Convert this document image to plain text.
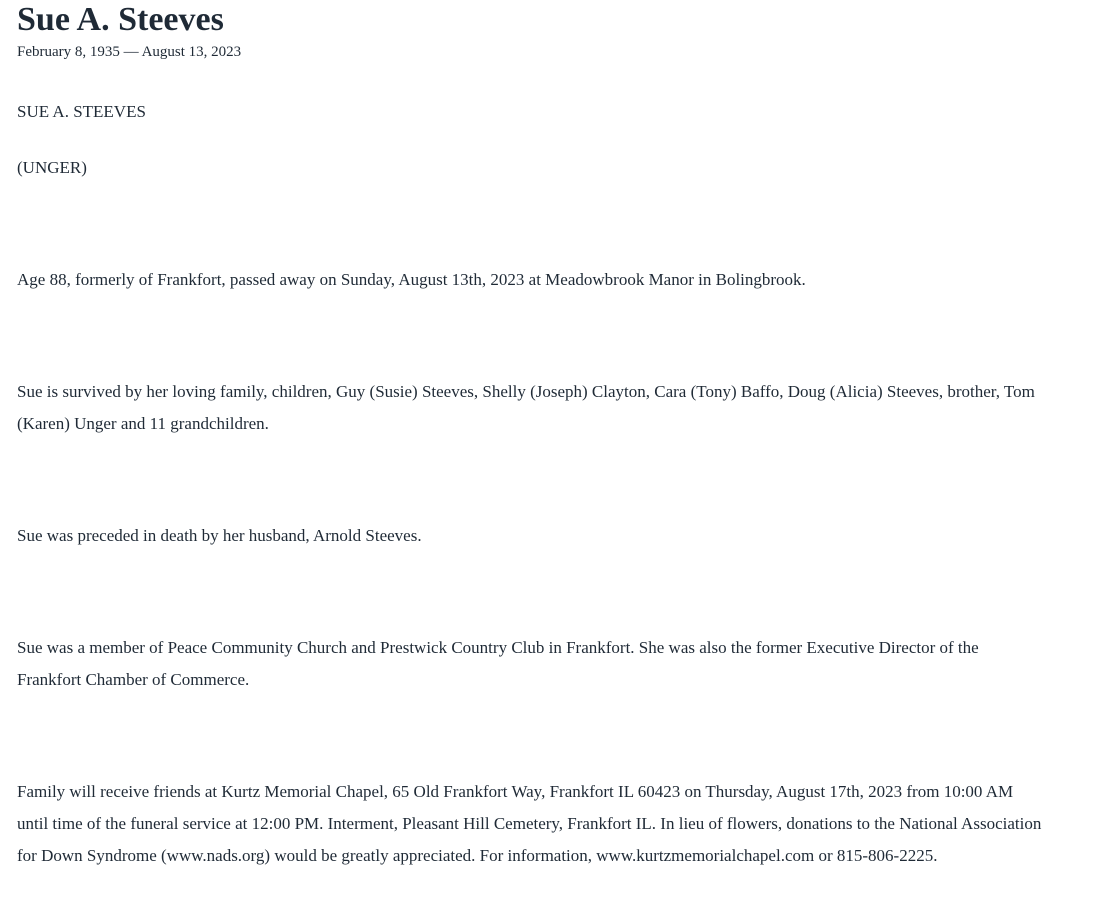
Sue A. Steeves
February 8, 1935 — August 13, 2023

SUE A. STEEVES

(UNGER)

Age 88, formerly of Frankfort, passed away on Sunday, August 13th, 2023 at Meadowbrook Manor in Bolingbrook.

Sue is survived by her loving family, children, Guy (Susie) Steeves, Shelly (Joseph) Clayton, Cara (Tony) Baffo, Doug (Alicia) Steeves, brother, Tom (Karen) Unger and 11 grandchildren.

Sue was preceded in death by her husband, Arnold Steeves.

Sue was a member of Peace Community Church and Prestwick Country Club in Frankfort. She was also the former Executive Director of the Frankfort Chamber of Commerce.

Family will receive friends at Kurtz Memorial Chapel, 65 Old Frankfort Way, Frankfort IL 60423 on Thursday, August 17th, 2023 from 10:00 AM until time of the funeral service at 12:00 PM. Interment, Pleasant Hill Cemetery, Frankfort IL. In lieu of flowers, donations to the National Association for Down Syndrome (www.nads.org) would be greatly appreciated. For information, www.kurtzmemorialchapel.com or 815-806-2225.
